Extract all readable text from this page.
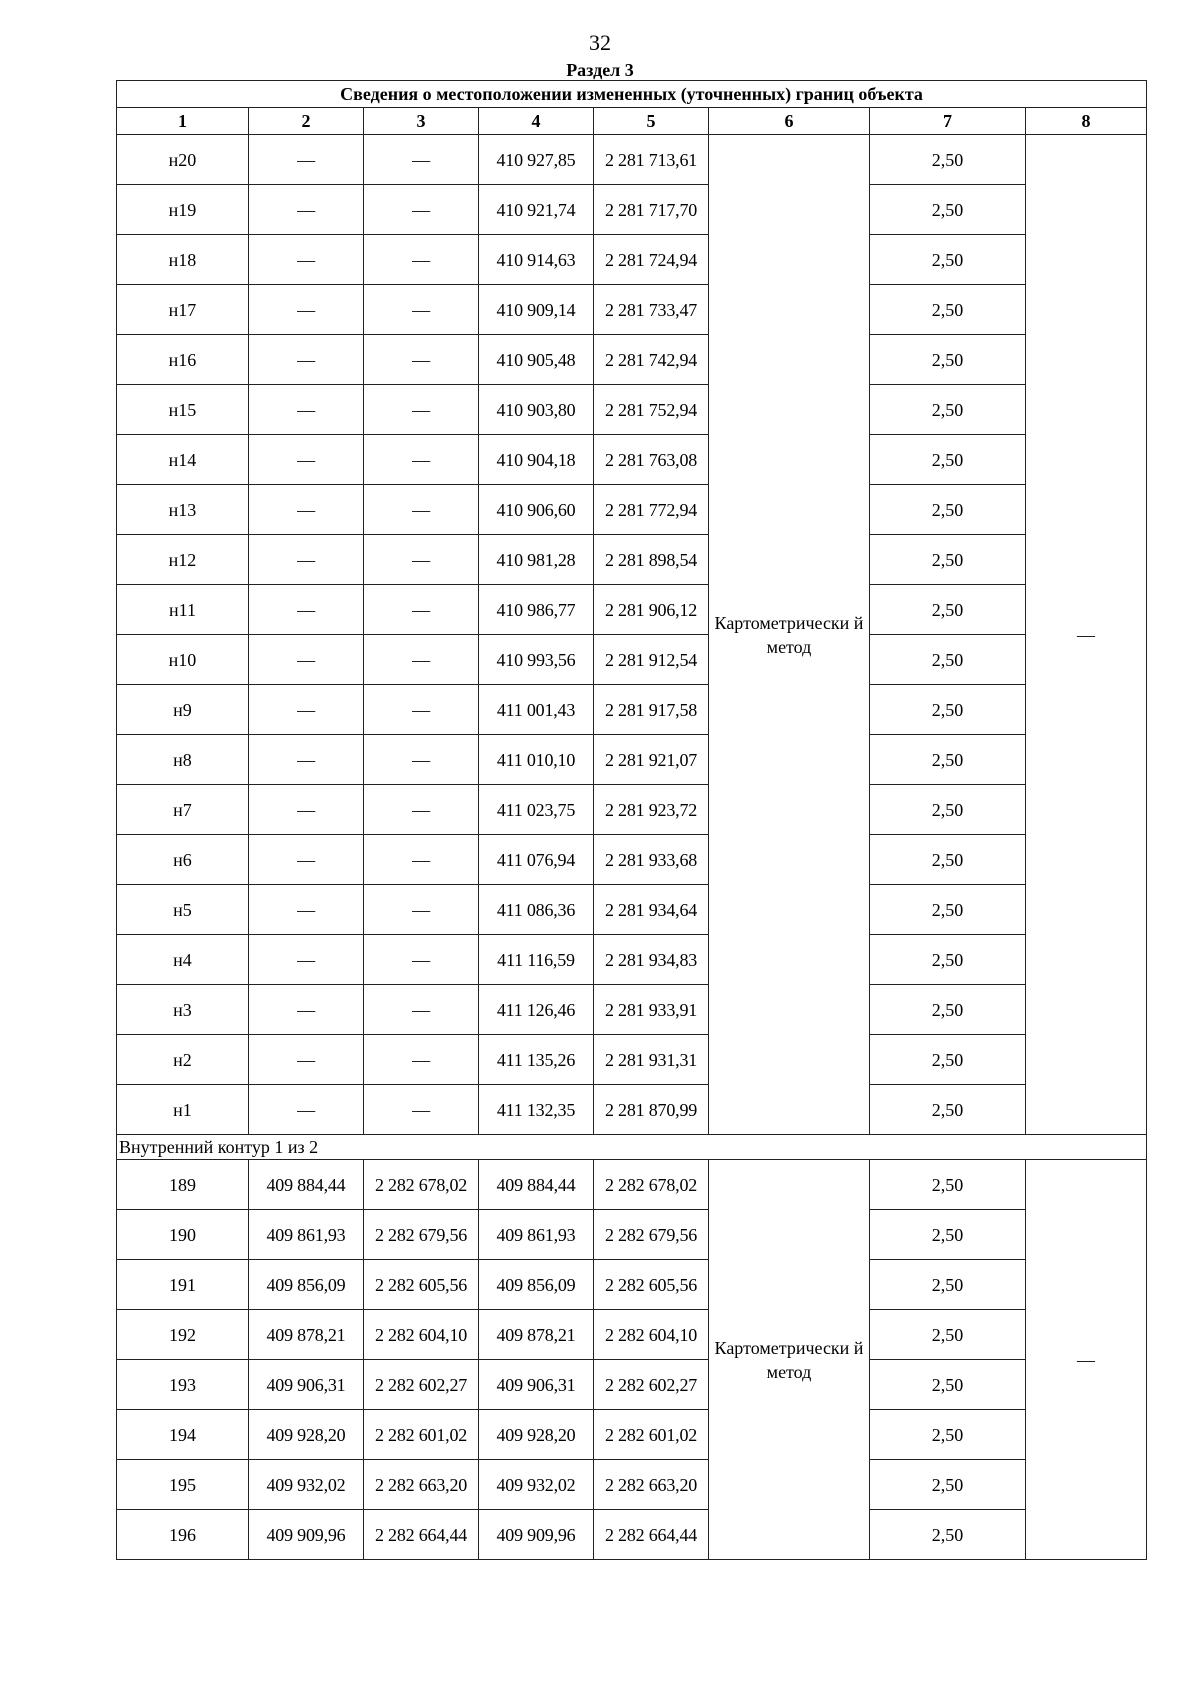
32
Раздел 3
Сведения о местоположении измененных (уточненных) границ объекта							
1	2	3	4	5	6	7	8
н20	—	—	410 927,85	2 281 713,61	Картометрически й метод	2,50	—
н19	—	—	410 921,74	2 281 717,70		2,50	
н18	—	—	410 914,63	2 281 724,94		2,50	
н17	—	—	410 909,14	2 281 733,47		2,50	
н16	—	—	410 905,48	2 281 742,94		2,50	
н15	—	—	410 903,80	2 281 752,94		2,50	
н14	—	—	410 904,18	2 281 763,08		2,50	
н13	—	—	410 906,60	2 281 772,94		2,50	
н12	—	—	410 981,28	2 281 898,54		2,50	
н11	—	—	410 986,77	2 281 906,12		2,50	
н10	—	—	410 993,56	2 281 912,54		2,50	
н9	—	—	411 001,43	2 281 917,58		2,50	
н8	—	—	411 010,10	2 281 921,07		2,50	
н7	—	—	411 023,75	2 281 923,72		2,50	
н6	—	—	411 076,94	2 281 933,68		2,50	
н5	—	—	411 086,36	2 281 934,64		2,50	
н4	—	—	411 116,59	2 281 934,83		2,50	
н3	—	—	411 126,46	2 281 933,91		2,50	
н2	—	—	411 135,26	2 281 931,31		2,50	
н1	—	—	411 132,35	2 281 870,99		2,50	
Внутренний контур 1 из 2							
189	409 884,44	2 282 678,02	409 884,44	2 282 678,02	Картометрически й метод	2,50	—
190	409 861,93	2 282 679,56	409 861,93	2 282 679,56		2,50	
191	409 856,09	2 282 605,56	409 856,09	2 282 605,56		2,50	
192	409 878,21	2 282 604,10	409 878,21	2 282 604,10		2,50	
193	409 906,31	2 282 602,27	409 906,31	2 282 602,27		2,50	
194	409 928,20	2 282 601,02	409 928,20	2 282 601,02		2,50	
195	409 932,02	2 282 663,20	409 932,02	2 282 663,20		2,50	
196	409 909,96	2 282 664,44	409 909,96	2 282 664,44		2,50	
